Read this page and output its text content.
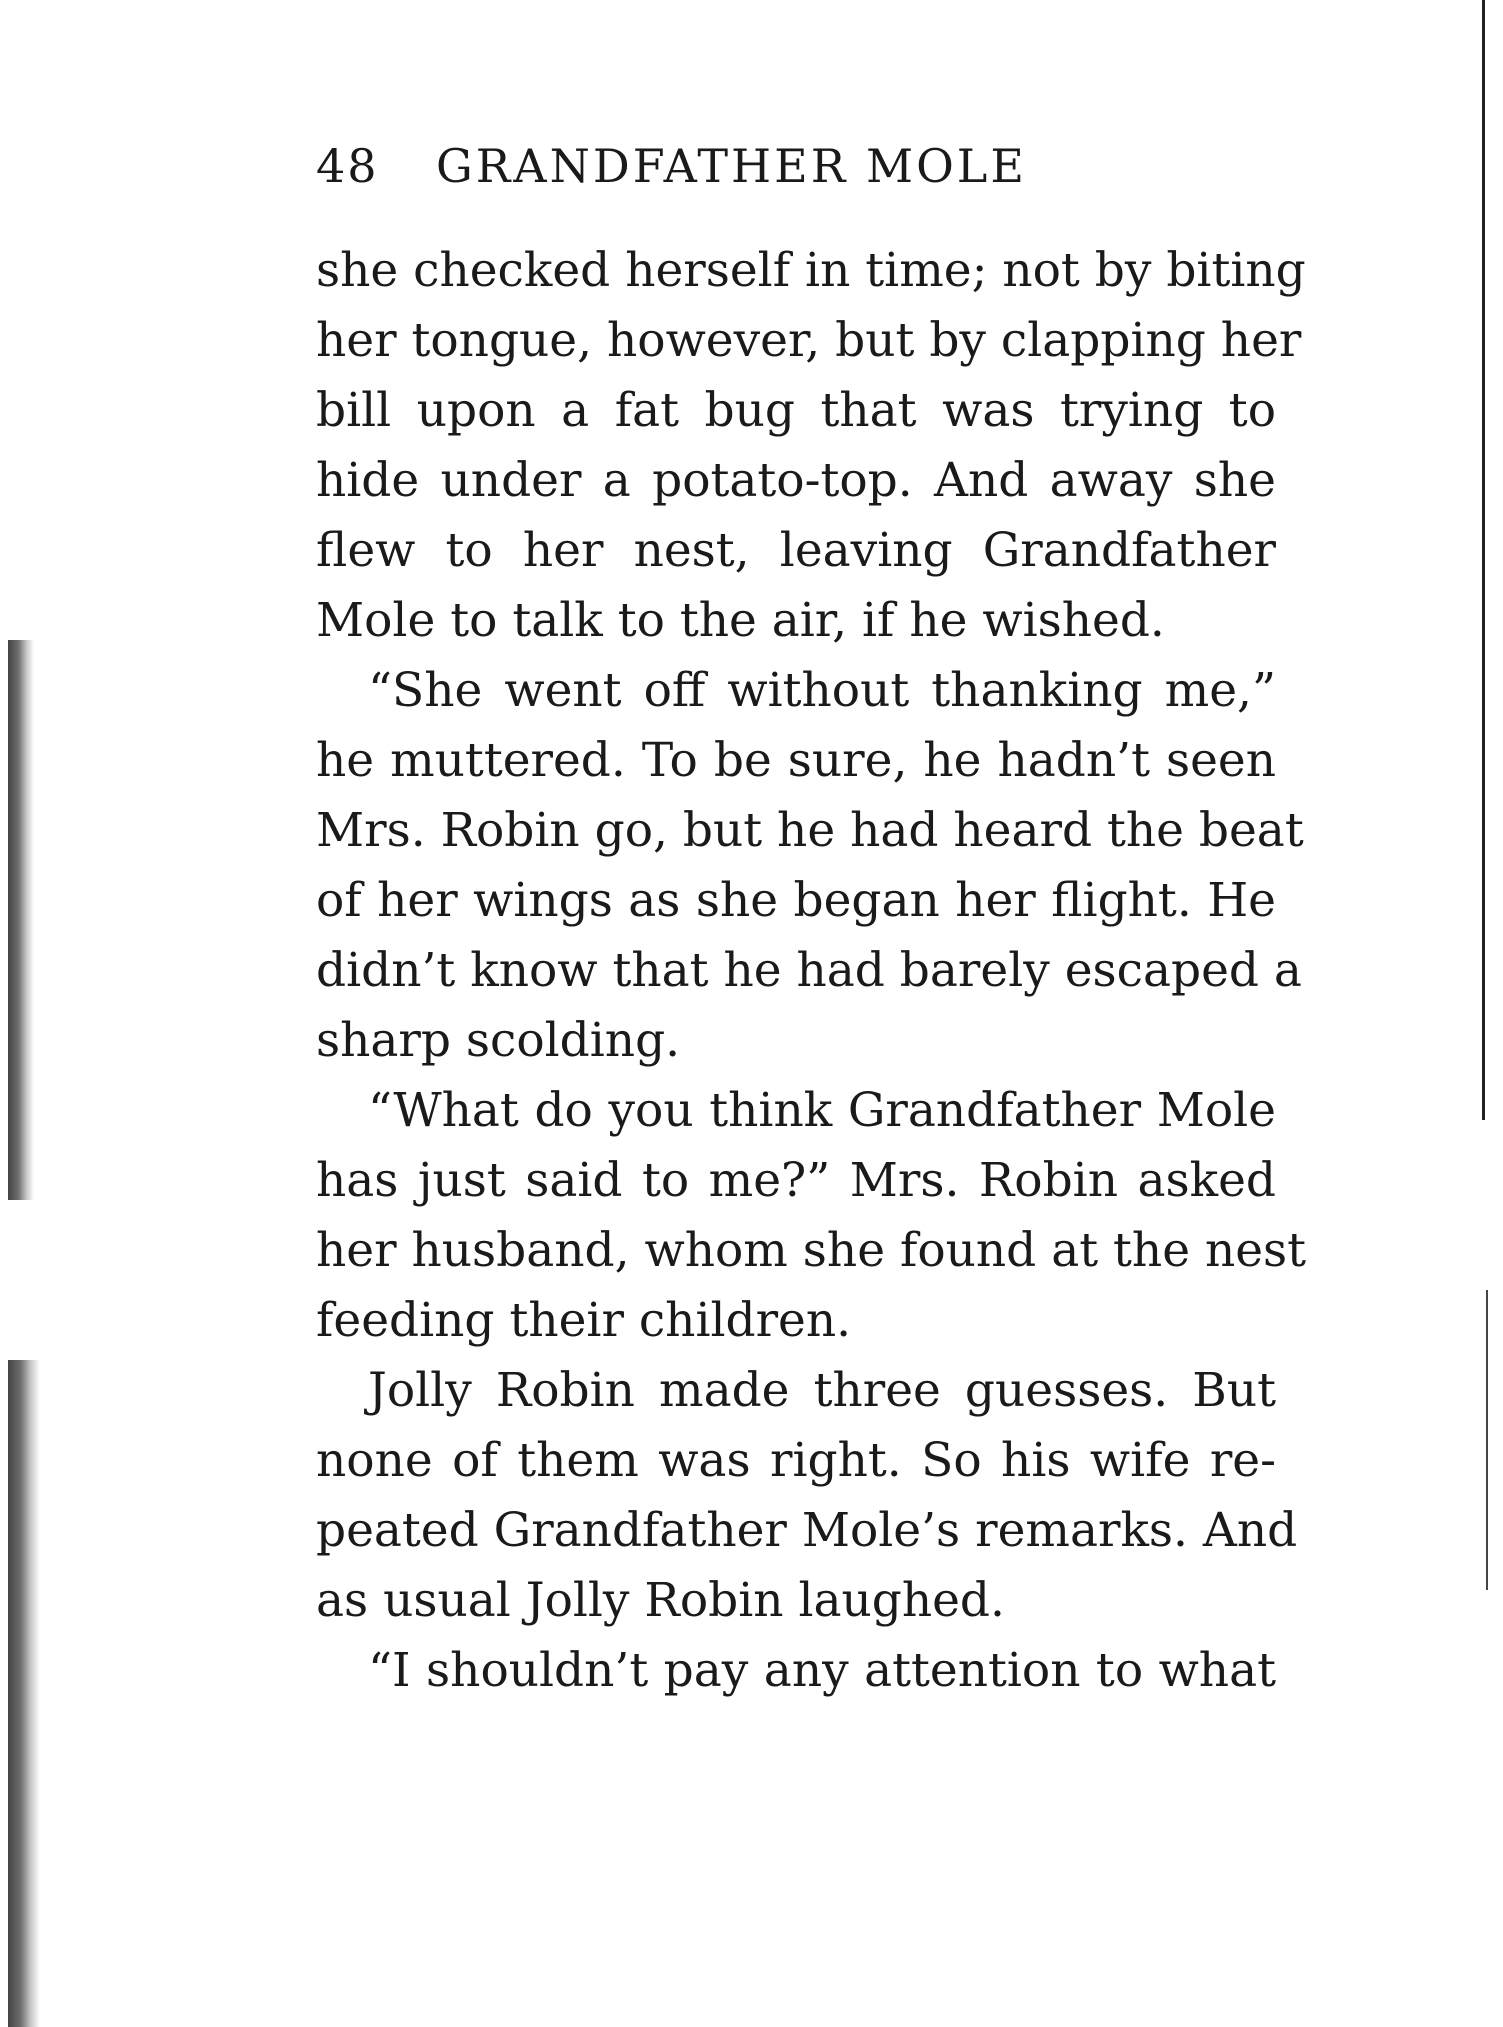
48 GRANDFATHER MOLE
she checked herself in time; not by biting
her tongue, however, but by clapping her
bill upon a fat bug that was trying to
hide under a potato-top. And away she
flew to her nest, leaving Grandfather
Mole to talk to the air, if he wished.
“She went off without thanking me,”
he muttered. To be sure, he hadn’t seen
Mrs. Robin go, but he had heard the beat
of her wings as she began her flight. He
didn’t know that he had barely escaped a
sharp scolding.
“What do you think Grandfather Mole
has just said to me?” Mrs. Robin asked
her husband, whom she found at the nest
feeding their children.
Jolly Robin made three guesses. But
none of them was right. So his wife re-
peated Grandfather Mole’s remarks. And
as usual Jolly Robin laughed.
“I shouldn’t pay any attention to what
